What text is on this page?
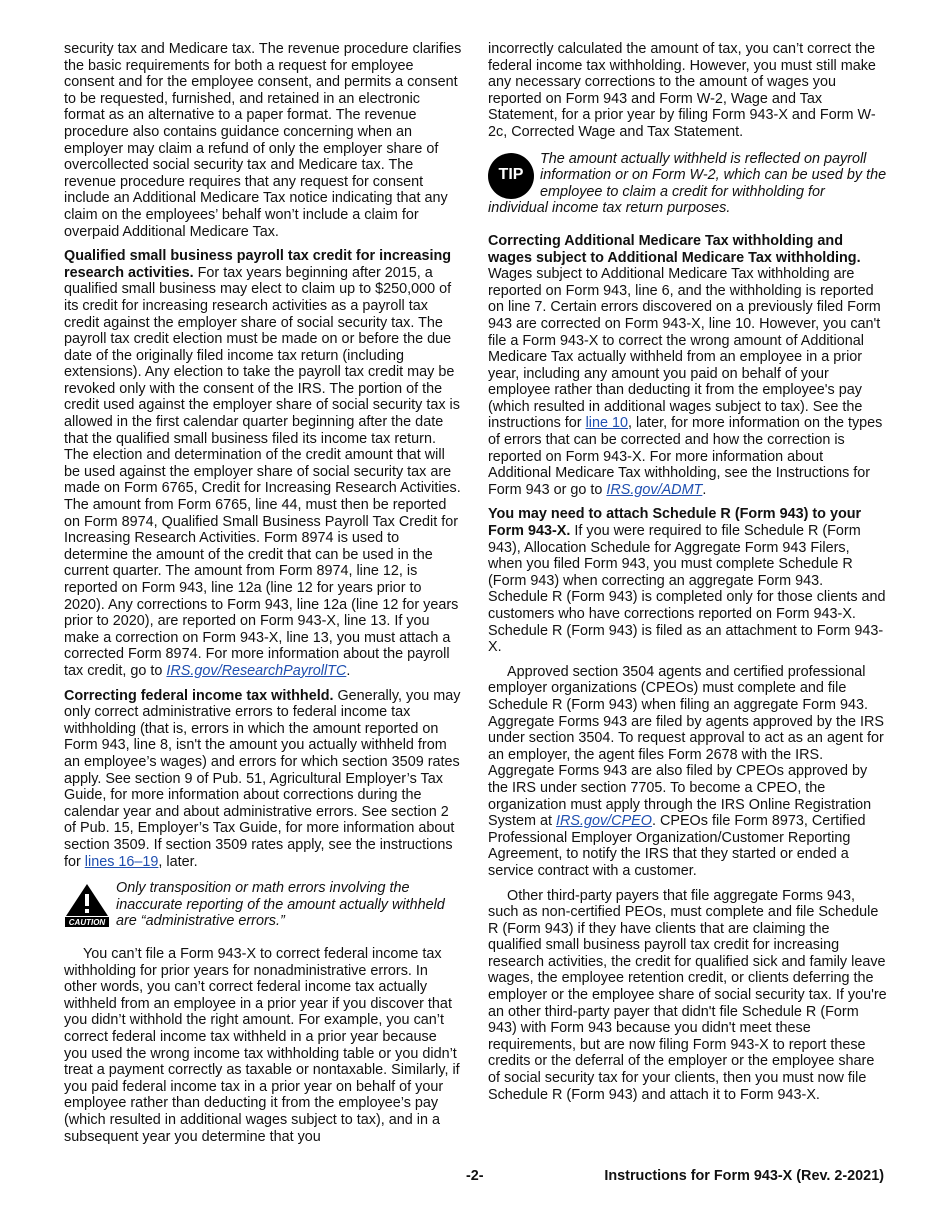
security tax and Medicare tax. The revenue procedure clarifies the basic requirements for both a request for employee consent and for the employee consent, and permits a consent to be requested, furnished, and retained in an electronic format as an alternative to a paper format. The revenue procedure also contains guidance concerning when an employer may claim a refund of only the employer share of overcollected social security tax and Medicare tax. The revenue procedure requires that any request for consent include an Additional Medicare Tax notice indicating that any claim on the employees’ behalf won’t include a claim for overpaid Additional Medicare Tax.

Qualified small business payroll tax credit for increasing research activities. For tax years beginning after 2015, a qualified small business may elect to claim up to $250,000 of its credit for increasing research activities as a payroll tax credit against the employer share of social security tax. The payroll tax credit election must be made on or before the due date of the originally filed income tax return (including extensions). Any election to take the payroll tax credit may be revoked only with the consent of the IRS. The portion of the credit used against the employer share of social security tax is allowed in the first calendar quarter beginning after the date that the qualified small business filed its income tax return. The election and determination of the credit amount that will be used against the employer share of social security tax are made on Form 6765, Credit for Increasing Research Activities. The amount from Form 6765, line 44, must then be reported on Form 8974, Qualified Small Business Payroll Tax Credit for Increasing Research Activities. Form 8974 is used to determine the amount of the credit that can be used in the current quarter. The amount from Form 8974, line 12, is reported on Form 943, line 12a (line 12 for years prior to 2020). Any corrections to Form 943, line 12a (line 12 for years prior to 2020), are reported on Form 943-X, line 13. If you make a correction on Form 943-X, line 13, you must attach a corrected Form 8974. For more information about the payroll tax credit, go to IRS.gov/ResearchPayrollTC.

Correcting federal income tax withheld. Generally, you may only correct administrative errors to federal income tax withholding (that is, errors in which the amount reported on Form 943, line 8, isn't the amount you actually withheld from an employee’s wages) and errors for which section 3509 rates apply. See section 9 of Pub. 51, Agricultural Employer’s Tax Guide, for more information about corrections during the calendar year and about administrative errors. See section 2 of Pub. 15, Employer’s Tax Guide, for more information about section 3509. If section 3509 rates apply, see the instructions for lines 16–19, later.

CAUTION
Only transposition or math errors involving the inaccurate reporting of the amount actually withheld are “administrative errors.”

You can’t file a Form 943-X to correct federal income tax withholding for prior years for nonadministrative errors. In other words, you can’t correct federal income tax actually withheld from an employee in a prior year if you discover that you didn’t withhold the right amount. For example, you can’t correct federal income tax withheld in a prior year because you used the wrong income tax withholding table or you didn’t treat a payment correctly as taxable or nontaxable. Similarly, if you paid federal income tax in a prior year on behalf of your employee rather than deducting it from the employee’s pay (which resulted in additional wages subject to tax), and in a subsequent year you determine that you

incorrectly calculated the amount of tax, you can’t correct the federal income tax withholding. However, you must still make any necessary corrections to the amount of wages you reported on Form 943 and Form W-2, Wage and Tax Statement, for a prior year by filing Form 943-X and Form W-2c, Corrected Wage and Tax Statement.

TIP
The amount actually withheld is reflected on payroll information or on Form W-2, which can be used by the employee to claim a credit for withholding for individual income tax return purposes.

Correcting Additional Medicare Tax withholding and wages subject to Additional Medicare Tax withholding. Wages subject to Additional Medicare Tax withholding are reported on Form 943, line 6, and the withholding is reported on line 7. Certain errors discovered on a previously filed Form 943 are corrected on Form 943-X, line 10. However, you can't file a Form 943-X to correct the wrong amount of Additional Medicare Tax actually withheld from an employee in a prior year, including any amount you paid on behalf of your employee rather than deducting it from the employee's pay (which resulted in additional wages subject to tax). See the instructions for line 10, later, for more information on the types of errors that can be corrected and how the correction is reported on Form 943-X. For more information about Additional Medicare Tax withholding, see the Instructions for Form 943 or go to IRS.gov/ADMT.

You may need to attach Schedule R (Form 943) to your Form 943-X. If you were required to file Schedule R (Form 943), Allocation Schedule for Aggregate Form 943 Filers, when you filed Form 943, you must complete Schedule R (Form 943) when correcting an aggregate Form 943. Schedule R (Form 943) is completed only for those clients and customers who have corrections reported on Form 943-X. Schedule R (Form 943) is filed as an attachment to Form 943-X.

Approved section 3504 agents and certified professional employer organizations (CPEOs) must complete and file Schedule R (Form 943) when filing an aggregate Form 943. Aggregate Forms 943 are filed by agents approved by the IRS under section 3504. To request approval to act as an agent for an employer, the agent files Form 2678 with the IRS. Aggregate Forms 943 are also filed by CPEOs approved by the IRS under section 7705. To become a CPEO, the organization must apply through the IRS Online Registration System at IRS.gov/CPEO. CPEOs file Form 8973, Certified Professional Employer Organization/Customer Reporting Agreement, to notify the IRS that they started or ended a service contract with a customer.

Other third-party payers that file aggregate Forms 943, such as non-certified PEOs, must complete and file Schedule R (Form 943) if they have clients that are claiming the qualified small business payroll tax credit for increasing research activities, the credit for qualified sick and family leave wages, the employee retention credit, or clients deferring the employer or the employee share of social security tax. If you're an other third-party payer that didn't file Schedule R (Form 943) with Form 943 because you didn't meet these requirements, but are now filing Form 943-X to report these credits or the deferral of the employer or the employee share of social security tax for your clients, then you must now file Schedule R (Form 943) and attach it to Form 943-X.

-2-	Instructions for Form 943-X (Rev. 2-2021)
